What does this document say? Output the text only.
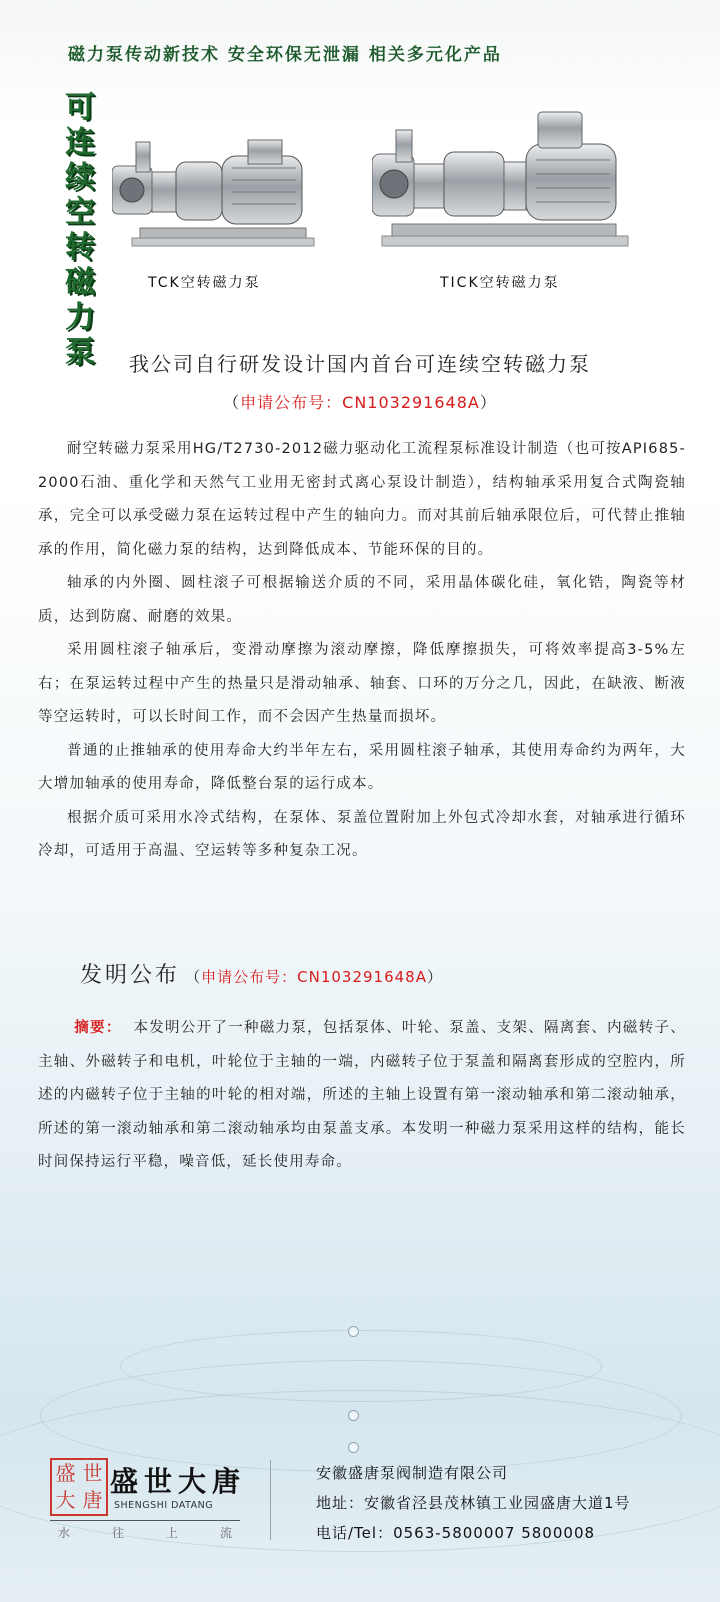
磁力泵传动新技术 安全环保无泄漏 相关多元化产品
可
连
续
空
转
磁
力
泵
TCK空转磁力泵	TICK空转磁力泵
我公司自行研发设计国内首台可连续空转磁力泵
（申请公布号：CN103291648A）

耐空转磁力泵采用HG/T2730-2012磁力驱动化工流程泵标准设计制造（也可按API685-2000石油、重化学和天然气工业用无密封式离心泵设计制造），结构轴承采用复合式陶瓷轴承，完全可以承受磁力泵在运转过程中产生的轴向力。而对其前后轴承限位后，可代替止推轴承的作用，简化磁力泵的结构，达到降低成本、节能环保的目的。

轴承的内外圈、圆柱滚子可根据输送介质的不同，采用晶体碳化硅，氧化锆，陶瓷等材质，达到防腐、耐磨的效果。

采用圆柱滚子轴承后，变滑动摩擦为滚动摩擦，降低摩擦损失，可将效率提高3-5%左右；在泵运转过程中产生的热量只是滑动轴承、轴套、口环的万分之几，因此，在缺液、断液等空运转时，可以长时间工作，而不会因产生热量而损坏。

普通的止推轴承的使用寿命大约半年左右，采用圆柱滚子轴承，其使用寿命约为两年，大大增加轴承的使用寿命，降低整台泵的运行成本。

根据介质可采用水冷式结构，在泵体、泵盖位置附加上外包式冷却水套，对轴承进行循环冷却，可适用于高温、空运转等多种复杂工况。

发明公布 （申请公布号：CN103291648A）

摘要： 本发明公开了一种磁力泵，包括泵体、叶轮、泵盖、支架、隔离套、内磁转子、主轴、外磁转子和电机，叶轮位于主轴的一端，内磁转子位于泵盖和隔离套形成的空腔内，所述的内磁转子位于主轴的叶轮的相对端，所述的主轴上设置有第一滚动轴承和第二滚动轴承，所述的第一滚动轴承和第二滚动轴承均由泵盖支承。本发明一种磁力泵采用这样的结构，能长时间保持运行平稳，噪音低，延长使用寿命。

盛 世
大 唐
盛世大唐
SHENGSHI DATANG
水	往	上	流
安徽盛唐泵阀制造有限公司
地址：安徽省泾县茂林镇工业园盛唐大道1号
电话/Tel：0563-5800007 5800008
